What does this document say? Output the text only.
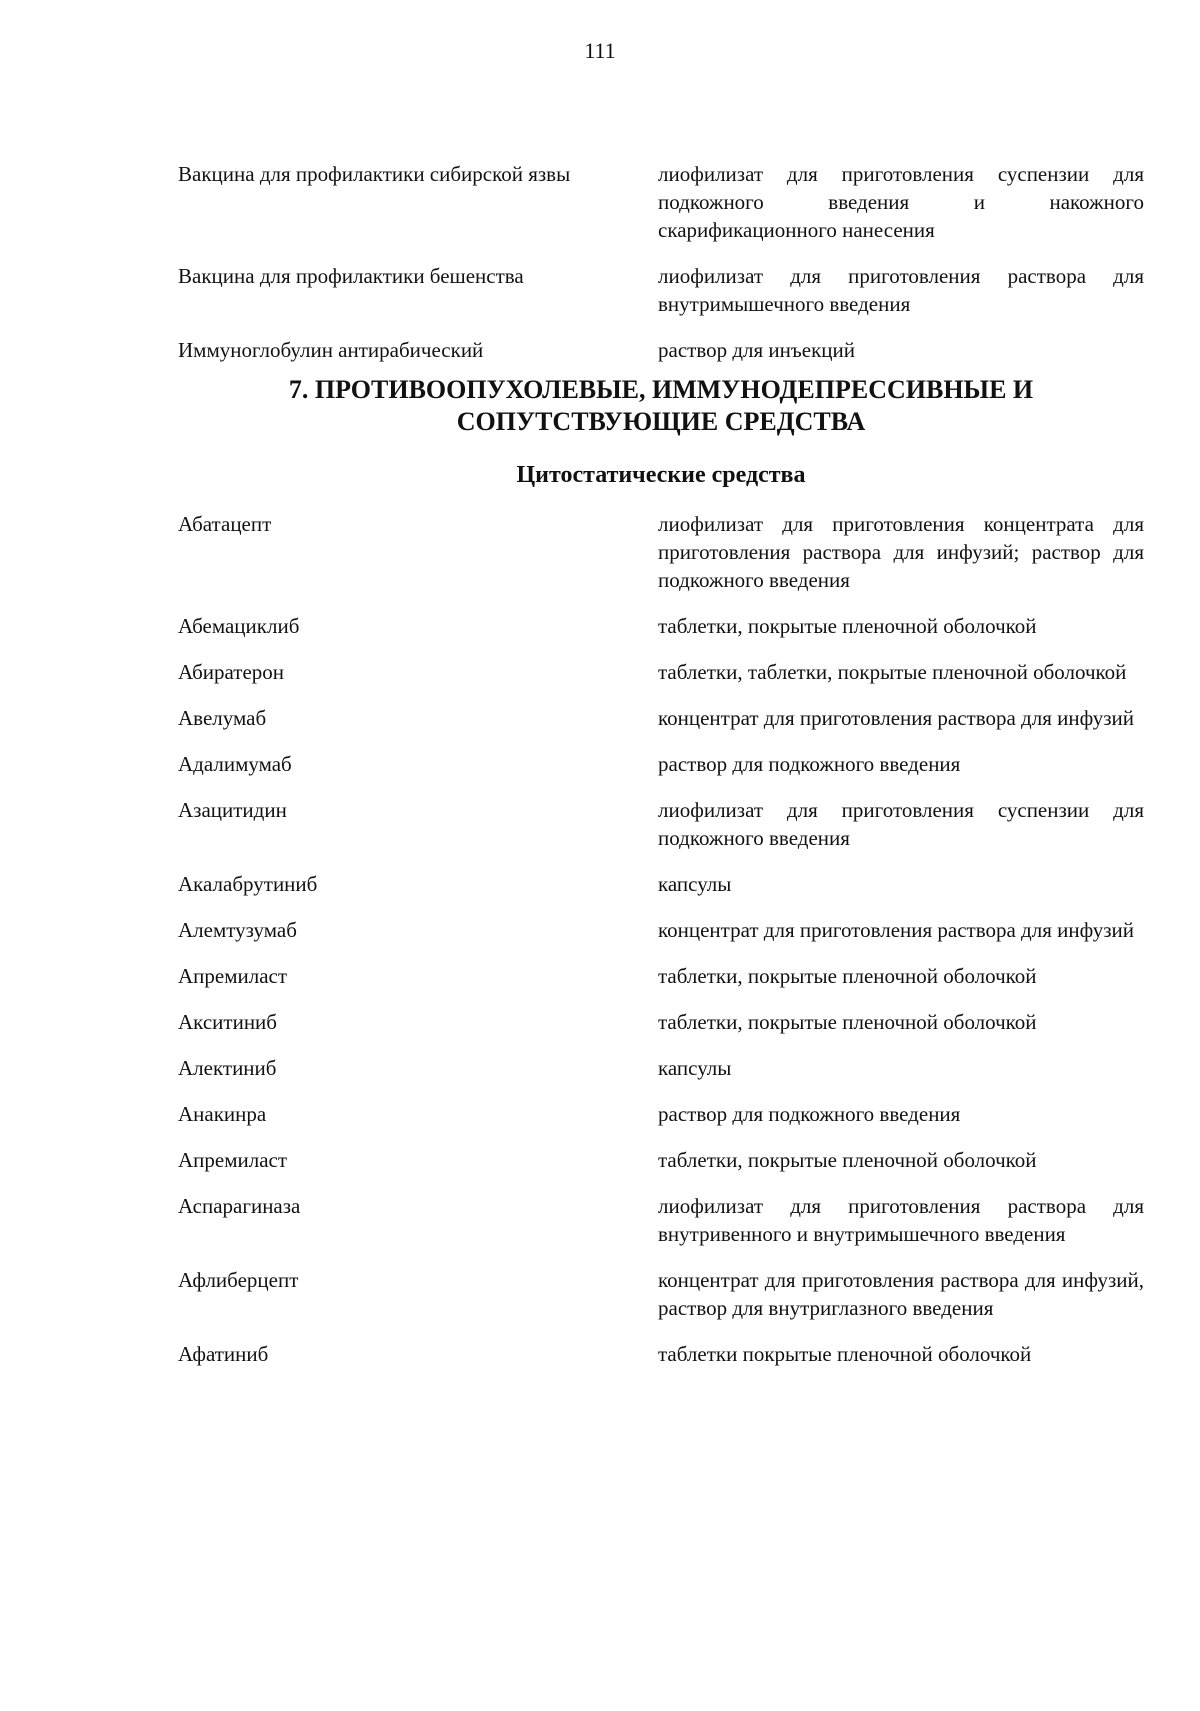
111
Вакцина для профилактики сибирской язвы	лиофилизат для приготовления суспензии для подкожного введения и накожного скарификационного нанесения
Вакцина для профилактики бешенства	лиофилизат для приготовления раствора для внутримышечного введения
Иммуноглобулин антирабический	раствор для инъекций
7. ПРОТИВООПУХОЛЕВЫЕ, ИММУНОДЕПРЕССИВНЫЕ И
СОПУТСТВУЮЩИЕ СРЕДСТВА
Цитостатические средства
Абатацепт	лиофилизат для приготовления концентрата для приготовления раствора для инфузий; раствор для подкожного введения
Абемациклиб	таблетки, покрытые пленочной оболочкой
Абиратерон	таблетки, таблетки, покрытые пленочной оболочкой
Авелумаб	концентрат для приготовления раствора для инфузий
Адалимумаб	раствор для подкожного введения
Азацитидин	лиофилизат для приготовления суспензии для подкожного введения
Акалабрутиниб	капсулы
Алемтузумаб	концентрат для приготовления раствора для инфузий
Апремиласт	таблетки, покрытые пленочной оболочкой
Акситиниб	таблетки, покрытые пленочной оболочкой
Алектиниб	капсулы
Анакинра	раствор для подкожного введения
Апремиласт	таблетки, покрытые пленочной оболочкой
Аспарагиназа	лиофилизат для приготовления раствора для внутривенного и внутримышечного введения
Афлиберцепт	концентрат для приготовления раствора для инфузий, раствор для внутриглазного введения
Афатиниб	таблетки покрытые пленочной оболочкой
